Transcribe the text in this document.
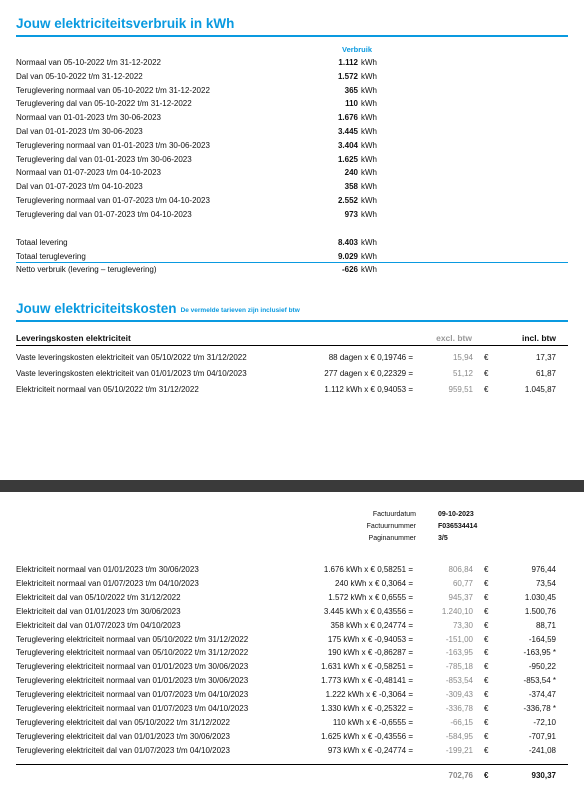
Jouw elektriciteitsverbruik in kWh
Verbruik
Normaal van 05-10-2022 t/m 31-12-2022	1.112 kWh
Dal van 05-10-2022 t/m 31-12-2022	1.572 kWh
Teruglevering normaal van 05-10-2022 t/m 31-12-2022	365 kWh
Teruglevering dal van 05-10-2022 t/m 31-12-2022	110 kWh
Normaal van 01-01-2023 t/m 30-06-2023	1.676 kWh
Dal van 01-01-2023 t/m 30-06-2023	3.445 kWh
Teruglevering normaal van 01-01-2023 t/m 30-06-2023	3.404 kWh
Teruglevering dal van 01-01-2023 t/m 30-06-2023	1.625 kWh
Normaal van 01-07-2023 t/m 04-10-2023	240 kWh
Dal van 01-07-2023 t/m 04-10-2023	358 kWh
Teruglevering normaal van 01-07-2023 t/m 04-10-2023	2.552 kWh
Teruglevering dal van 01-07-2023 t/m 04-10-2023	973 kWh
Totaal levering	8.403 kWh
Totaal teruglevering	9.029 kWh
Netto verbruik (levering – teruglevering)	-626 kWh
Jouw elektriciteitskosten De vermelde tarieven zijn inclusief btw
Leveringskosten elektriciteit	excl. btw	incl. btw
Vaste leveringskosten elektriciteit van 05/10/2022 t/m 31/12/2022	88 dagen x € 0,19746 =	15,94 €	17,37
Vaste leveringskosten elektriciteit van 01/01/2023 t/m 04/10/2023	277 dagen x € 0,22329 =	51,12 €	61,87
Elektriciteit normaal van 05/10/2022 t/m 31/12/2022	1.112 kWh x € 0,94053 =	959,51 €	1.045,87
Factuurdatum	09-10-2023
Factuurnummer	F036534414
Paginanummer	3/5
Elektriciteit normaal van 01/01/2023 t/m 30/06/2023	1.676 kWh x € 0,58251 =	806,84 €	976,44
Elektriciteit normaal van 01/07/2023 t/m 04/10/2023	240 kWh x € 0,3064 =	60,77 €	73,54
Elektriciteit dal van 05/10/2022 t/m 31/12/2022	1.572 kWh x € 0,6555 =	945,37 €	1.030,45
Elektriciteit dal van 01/01/2023 t/m 30/06/2023	3.445 kWh x € 0,43556 =	1.240,10 €	1.500,76
Elektriciteit dal van 01/07/2023 t/m 04/10/2023	358 kWh x € 0,24774 =	73,30 €	88,71
Teruglevering elektriciteit normaal van 05/10/2022 t/m 31/12/2022	175 kWh x € -0,94053 =	-151,00 €	-164,59
Teruglevering elektriciteit normaal van 05/10/2022 t/m 31/12/2022	190 kWh x € -0,86287 =	-163,95 €	-163,95 *
Teruglevering elektriciteit normaal van 01/01/2023 t/m 30/06/2023	1.631 kWh x € -0,58251 =	-785,18 €	-950,22
Teruglevering elektriciteit normaal van 01/01/2023 t/m 30/06/2023	1.773 kWh x € -0,48141 =	-853,54 €	-853,54 *
Teruglevering elektriciteit normaal van 01/07/2023 t/m 04/10/2023	1.222 kWh x € -0,3064 =	-309,43 €	-374,47
Teruglevering elektriciteit normaal van 01/07/2023 t/m 04/10/2023	1.330 kWh x € -0,25322 =	-336,78 €	-336,78 *
Teruglevering elektriciteit dal van 05/10/2022 t/m 31/12/2022	110 kWh x € -0,6555 =	-66,15 €	-72,10
Teruglevering elektriciteit dal van 01/01/2023 t/m 30/06/2023	1.625 kWh x € -0,43556 =	-584,95 €	-707,91
Teruglevering elektriciteit dal van 01/07/2023 t/m 04/10/2023	973 kWh x € -0,24774 =	-199,21 €	-241,08
702,76 €	930,37
